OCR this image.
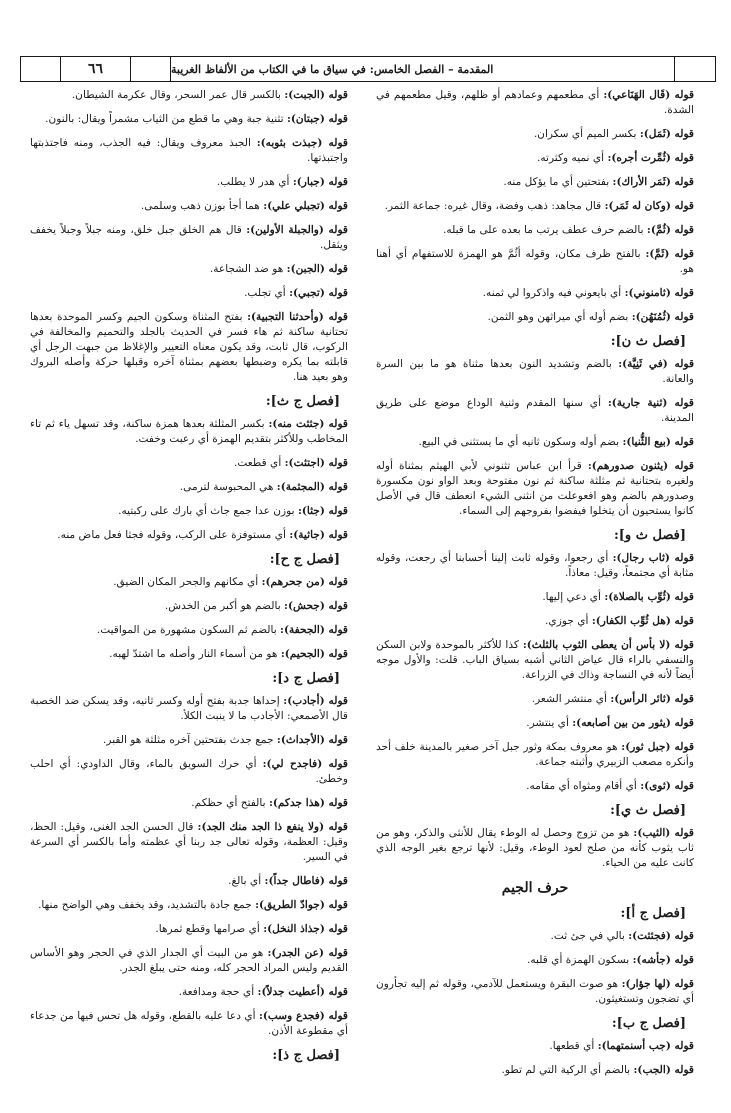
٦٦	المقدمة – الفصل الخامس: في سياق ما في الكتاب من الألفاظ الغريبة
قوله (قَال الهَنَاعي): أي مطعمهم وعمادهم أو ظلهم، وقيل مطعمهم في الشدة.
قوله (ثَمَل): بكسر الميم أي سكران.
قوله (ثُمِّرت أجره): أي نميه وكثرته.
قوله (ثَمَر الأراك): بفتحتين أي ما يؤكل منه.
قوله (وكان له ثَمَر): قال مجاهد: ذهب وفضة، وقال غيره: جماعة الثمر.
قوله (ثُمَّ): بالضم حرف عطف يرتب ما بعده على ما قبله.
قوله (ثَمَّ): بالفتح ظرف مكان، وقوله أثُمَّ هو الهمزة للاستفهام أي أهنا هو.
قوله (ثامنوني): أي بايعوني فيه واذكروا لي ثمنه.
قوله (ثُمُنَهُن): بضم أوله أي ميراثهن وهو الثمن.
[فصل ث ن]:
قوله (في ثَنِيَّة): بالضم وتشديد النون بعدها مثناة هو ما بين السرة والعانة.
قوله (ثنية جارية): أي سنها المقدم وثنية الوداع موضع على طريق المدينة.
قوله (بيع الثُّنيا): بضم أوله وسكون ثانيه أي ما يستثنى في البيع.
قوله (يثنون صدورهم): قرأ ابن عباس تثنوني لأبي الهيثم بمثناة أوله ولغيره بتحتانية ثم مثلثة ساكنة ثم نون مفتوحة وبعد الواو نون مكسورة وصدورهم بالضم وهو افعوعلت من انثنى الشيء انعطف قال في الأصل كانوا يستحيون أن يتخلوا فيفضوا بفروجهم إلى السماء.
[فصل ث و]:
قوله (ثاب رجال): أي رجعوا، وقوله ثابت إلينا أحسابنا أي رجعت، وقوله مثابة أي مجتمعاً، وقيل: معاذاً.
قوله (ثُوِّب بالصلاة): أي دعي إليها.
قوله (هل ثُوِّب الكفار): أي جوزي.
قوله (لا بأس أن يعطى الثوب بالثلث): كذا للأكثر بالموحدة ولابن السكن والنسفي بالراء قال عياض الثاني أشبه بسياق الباب. قلت: والأول موجه أيضاً لأنه في النساجة وذاك في الزراعة.
قوله (ثائر الرأس): أي منتشر الشعر.
قوله (يثور من بين أصابعه): أي ينتشر.
قوله (جبل ثور): هو معروف بمكة وثور جبل آخر صغير بالمدينة خلف أحد وأنكره مصعب الزبيري وأثبته جماعة.
قوله (ثوى): أي أقام ومثواه أي مقامه.
[فصل ث ي]:
قوله (الثيب): هو من تزوج وحصل له الوطء يقال للأنثى والذكر، وهو من ثاب يثوب كأنه من صلح لعود الوطء، وقيل: لأنها ترجع بغير الوجه الذي كانت عليه من الحياء.
حرف الجيم
[فصل ج أ]:
قوله (فجئثت): بالي في جئ ثت.
قوله (جأشه): بسكون الهمزة أي قلبه.
قوله (لها جؤار): هو صوت البقرة ويستعمل للآدمي، وقوله ثم إليه تجأرون أي تضجون وتستغيثون.
[فصل ج ب]:
قوله (جب أسنمتهما): أي قطعها.
قوله (الجب): بالضم أي الركية التي لم تطو.
قوله (الجبت): بالكسر قال عمر السحر، وقال عكرمة الشيطان.
قوله (جبتان): تثنية جبة وهي ما قطع من الثياب مشمراً ويقال: بالنون.
قوله (جبذت بثوبه): الجبذ معروف ويقال: فيه الجذب، ومنه فاجتذبتها واجتبذتها.
قوله (جبار): أي هدر لا يطلب.
قوله (تجبلي علي): هما أجأ بوزن ذهب وسلمى.
قوله (والجبلة الأولين): قال هم الخلق جبل خلق، ومنه جبلاً وجبلاً يخفف ويثقل.
قوله (الجبن): هو ضد الشجاعة.
قوله (تجبي): أي تجلب.
قوله (وأحدثنا التجبية): بفتح المثناة وسكون الجيم وكسر الموحدة بعدها تحتانية ساكنة ثم هاء فسر في الحديث بالجلد والتحميم والمخالفة في الركوب، قال ثابت، وقد يكون معناه التعيير والإغلاظ من جبهت الرجل أي قابلته بما يكره وضبطها بعضهم بمثناة آخره وقبلها حركة وأصله البروك وهو بعيد هنا.
[فصل ج ث]:
قوله (جثثت منه): بكسر المثلثة بعدها همزة ساكنة، وقد تسهل ياء ثم تاء المخاطب وللأكثر بتقديم الهمزة أي رعبت وخفت.
قوله (اجتثت): أي قطعت.
قوله (المجثمة): هي المحبوسة لترمى.
قوله (جثا): بوزن عدا جمع جاث أي بارك على ركبتيه.
قوله (جاثية): أي مستوفزة على الركب، وقوله فجثا فعل ماض منه.
[فصل ج ح]:
قوله (من جحرهم): أي مكانهم والجحر المكان الضيق.
قوله (جحش): بالضم هو أكبر من الخدش.
قوله (الجحفة): بالضم ثم السكون مشهورة من المواقيت.
قوله (الجحيم): هو من أسماء النار وأصله ما اشتدّ لهبه.
[فصل ج د]:
قوله (أجادب): إحداها جدبة بفتح أوله وكسر ثانيه، وقد يسكن ضد الخصبة قال الأصمعي: الأجادب ما لا ينبت الكلأ.
قوله (الأجداث): جمع جدث بفتحتين آخره مثلثة هو القبر.
قوله (فاجدح لي): أي حرك السويق بالماء، وقال الداودي: أي احلب وخطئ.
قوله (هذا جدكم): بالفتح أي حظكم.
قوله (ولا ينفع ذا الجد منك الجد): قال الحسن الجد الغنى، وقيل: الحظ، وقيل: العظمة، وقوله تعالى جد ربنا أي عظمته وأما بالكسر أي السرعة في السير.
قوله (فاطال جداً): أي بالغ.
قوله (جوادّ الطريق): جمع جادة بالتشديد، وقد يخفف وهي الواضح منها.
قوله (جذاذ النخل): أي صرامها وقطع ثمرها.
قوله (عن الجدر): هو من البيت أي الجدار الذي في الحجر وهو الأساس القديم وليس المراد الحجر كله، ومنه حتى يبلغ الجدر.
قوله (أعطيت جدلاً): أي حجة ومدافعة.
قوله (فجدع وسب): أي دعا عليه بالقطع، وقوله هل تحس فيها من جدعاء أي مقطوعة الأذن.
[فصل ج ذ]:
